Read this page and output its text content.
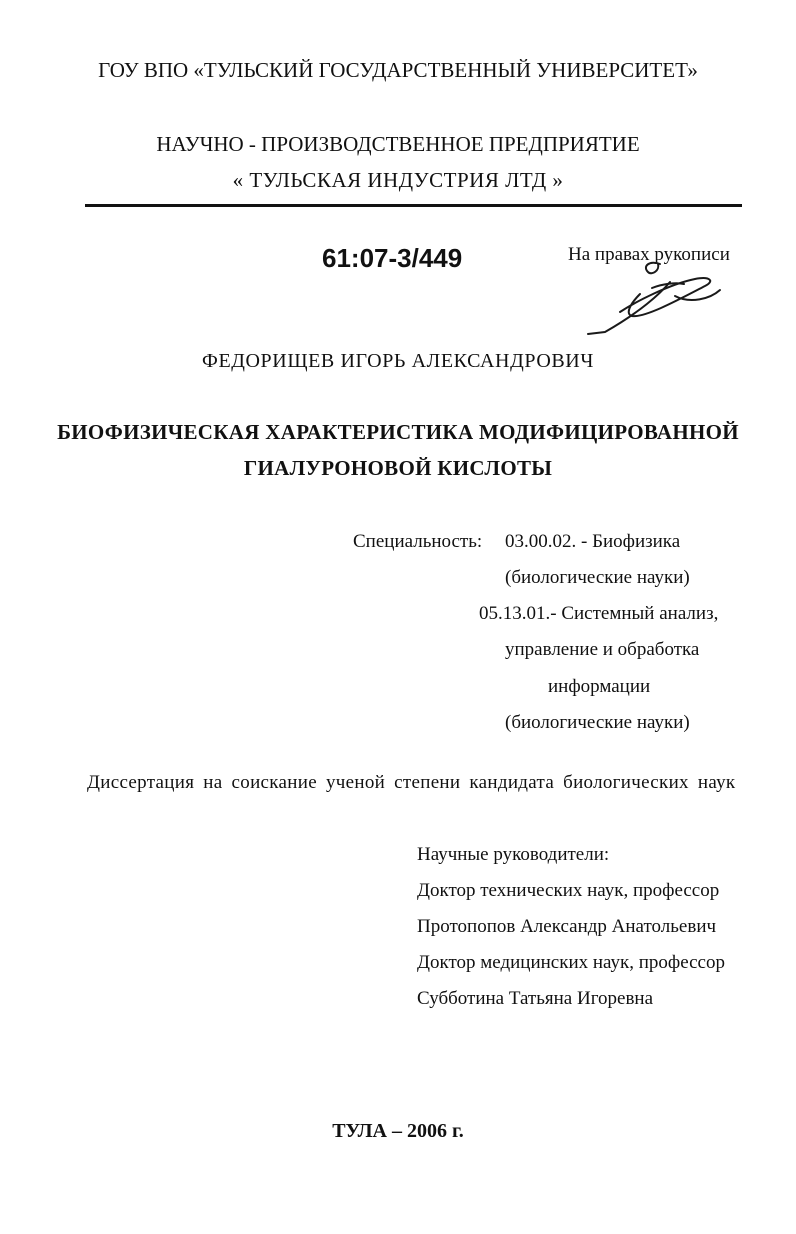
ГОУ ВПО «ТУЛЬСКИЙ ГОСУДАРСТВЕННЫЙ УНИВЕРСИТЕТ»
НАУЧНО - ПРОИЗВОДСТВЕННОЕ ПРЕДПРИЯТИЕ
« ТУЛЬСКАЯ ИНДУСТРИЯ ЛТД »
61:07-3/449	На правах рукописи
ФЕДОРИЩЕВ ИГОРЬ АЛЕКСАНДРОВИЧ
БИОФИЗИЧЕСКАЯ ХАРАКТЕРИСТИКА МОДИФИЦИРОВАННОЙ
ГИАЛУРОНОВОЙ КИСЛОТЫ
Специальность: 03.00.02. - Биофизика
(биологические науки)
05.13.01.- Системный анализ,
управление и обработка
информации
(биологические науки)
Диссертация на соискание ученой степени кандидата биологических наук
Научные руководители:
Доктор технических наук, профессор
Протопопов Александр Анатольевич
Доктор медицинских наук, профессор
Субботина Татьяна Игоревна
ТУЛА – 2006 г.
